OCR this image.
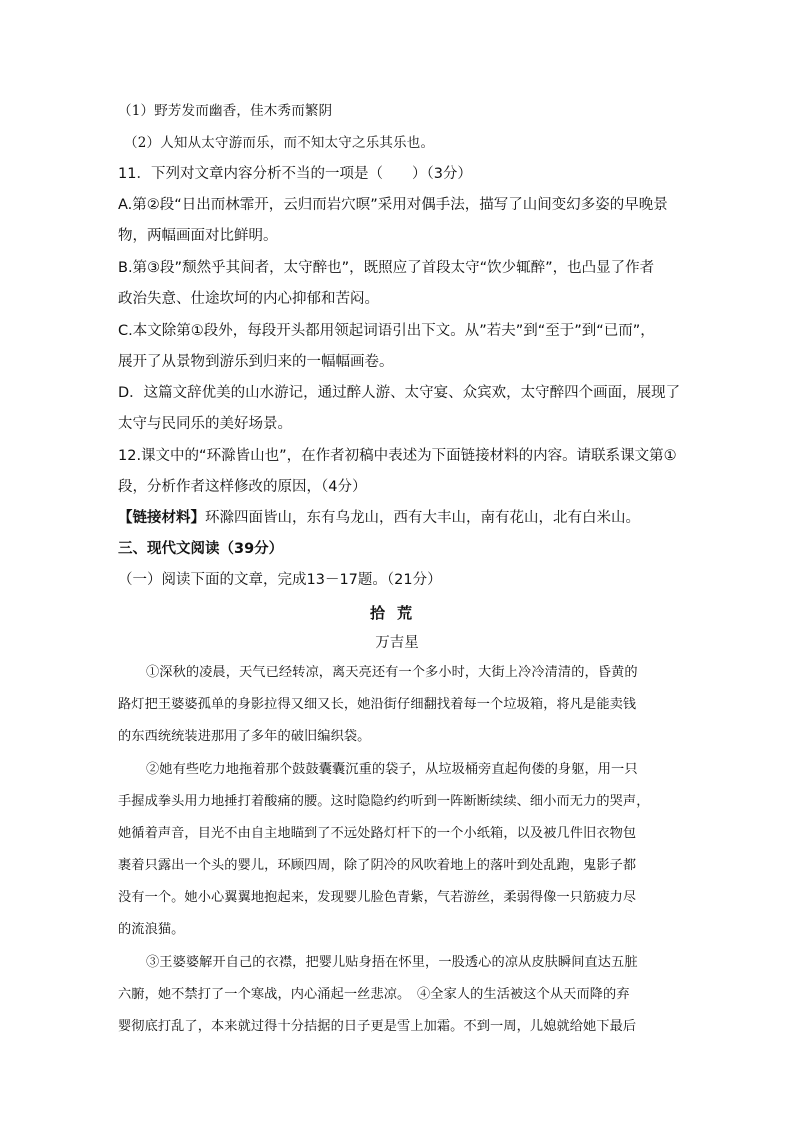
（1）野芳发而幽香，佳木秀而繁阴
（2）人知从太守游而乐，而不知太守之乐其乐也。
11．下列对文章内容分析不当的一项是（　　）（3分）
A.第②段“日出而林霏开，云归而岩穴暝”采用对偶手法，描写了山间变幻多姿的早晚景
物，两幅画面对比鲜明。
B.第③段”颓然乎其间者，太守醉也”，既照应了首段太守“饮少辄醉”，也凸显了作者
政治失意、仕途坎坷的内心抑郁和苦闷。
C.本文除第①段外，每段开头都用领起词语引出下文。从”若夫”到“至于”到“已而”，
展开了从景物到游乐到归来的一幅幅画卷。
D．这篇文辞优美的山水游记，通过醉人游、太守宴、众宾欢，太守醉四个画面，展现了
太守与民同乐的美好场景。
12.课文中的“环滁皆山也”，在作者初稿中表述为下面链接材料的内容。请联系课文第①
段，分析作者这样修改的原因，（4分）
【链接材料】环滁四面皆山，东有乌龙山，西有大丰山，南有花山，北有白米山。
三、现代文阅读（39分）
（一）阅读下面的文章，完成13－17题。（21分）
拾荒
万吉星
①深秋的凌晨，天气已经转凉，离天亮还有一个多小时，大街上冷冷清清的，昏黄的
路灯把王婆婆孤单的身影拉得又细又长，她沿街仔细翻找着每一个垃圾箱，将凡是能卖钱
的东西统统装进那用了多年的破旧编织袋。
②她有些吃力地拖着那个鼓鼓囊囊沉重的袋子，从垃圾桶旁直起佝偻的身躯，用一只
手握成拳头用力地捶打着酸痛的腰。这时隐隐约约听到一阵断断续续、细小而无力的哭声，
她循着声音，目光不由自主地瞄到了不远处路灯杆下的一个小纸箱，以及被几件旧衣物包
裹着只露出一个头的婴儿，环顾四周，除了阴冷的风吹着地上的落叶到处乱跑，鬼影子都
没有一个。她小心翼翼地抱起来，发现婴儿脸色青紫，气若游丝，柔弱得像一只筋疲力尽
的流浪猫。
③王婆婆解开自己的衣襟，把婴儿贴身捂在怀里，一股透心的凉从皮肤瞬间直达五脏
六腑，她不禁打了一个寒战，内心涌起一丝悲凉。　④全家人的生活被这个从天而降的弃
婴彻底打乱了，本来就过得十分拮据的日子更是雪上加霜。不到一周，儿媳就给她下最后
